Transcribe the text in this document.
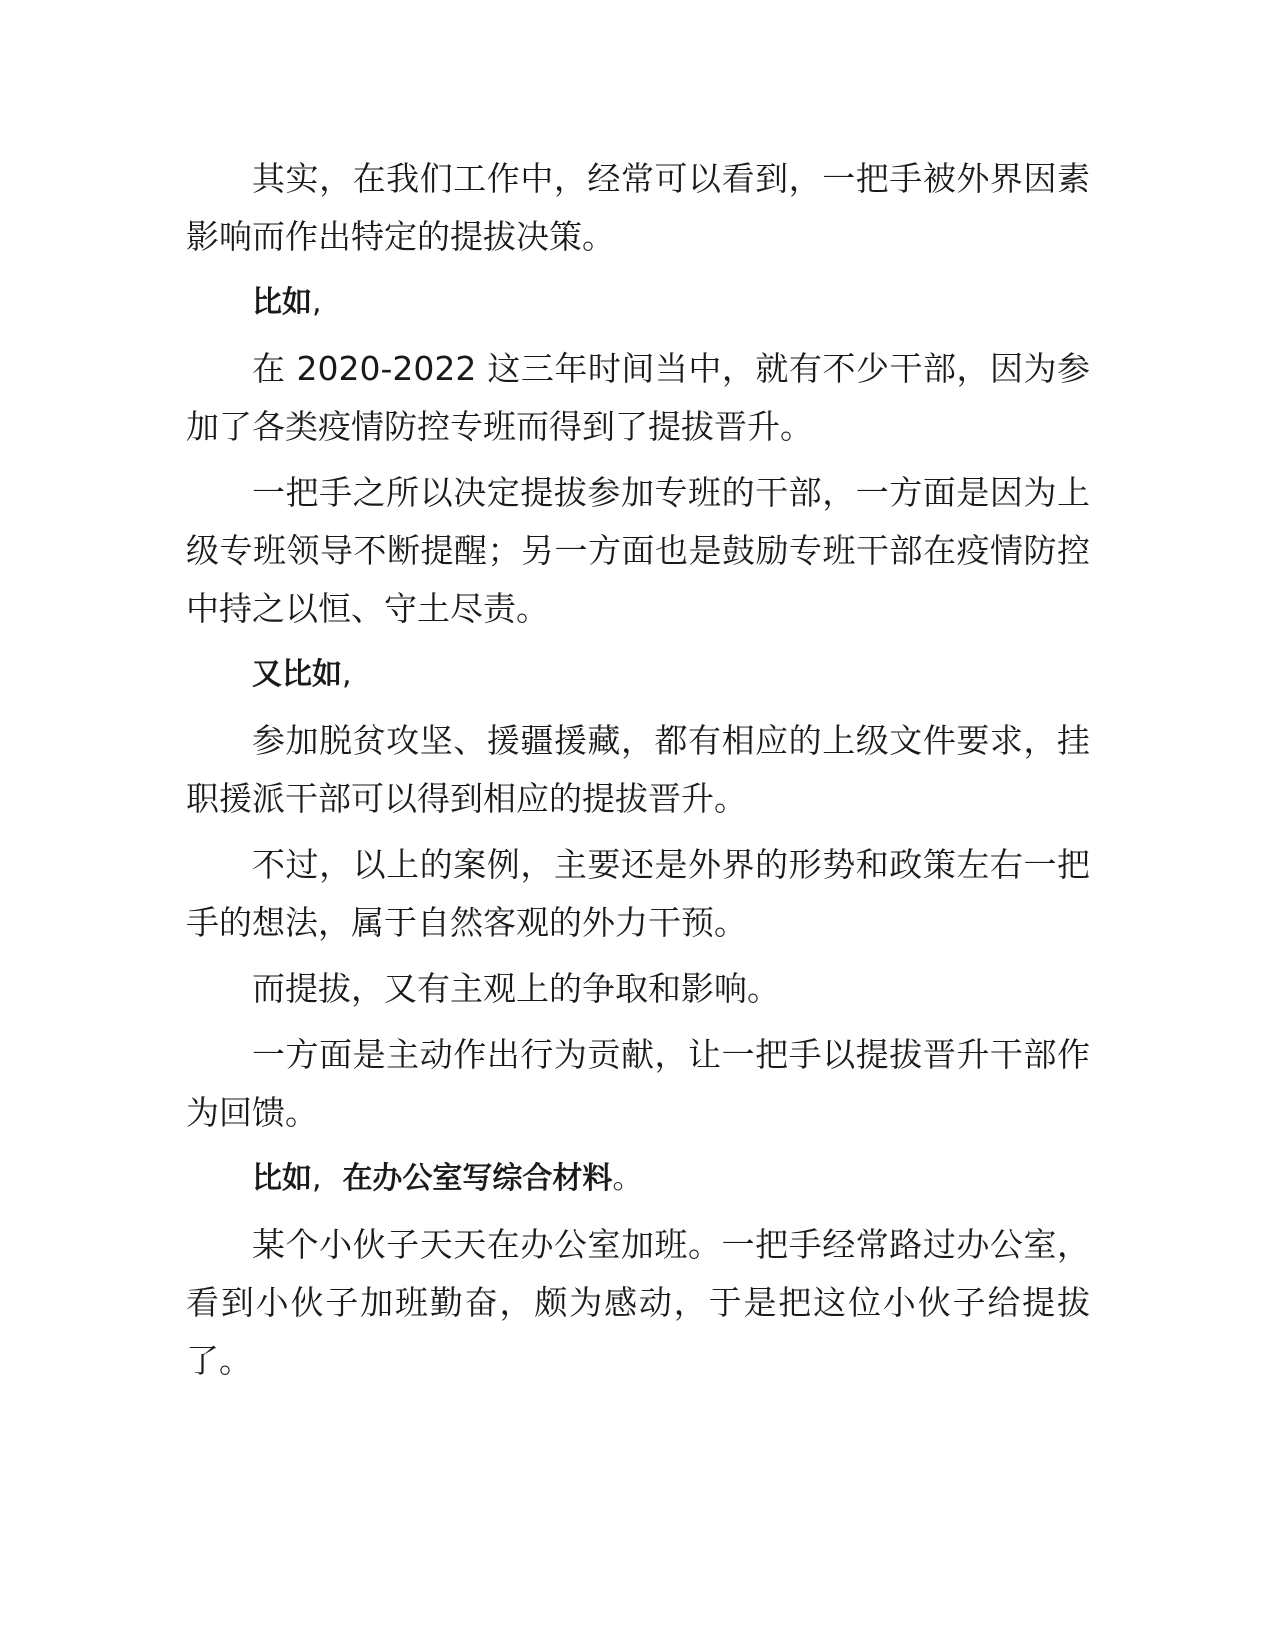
其实，在我们工作中，经常可以看到，一把手被外界因素影响而作出特定的提拔决策。

比如,

在 2020-2022 这三年时间当中，就有不少干部，因为参加了各类疫情防控专班而得到了提拔晋升。

一把手之所以决定提拔参加专班的干部，一方面是因为上级专班领导不断提醒；另一方面也是鼓励专班干部在疫情防控中持之以恒、守土尽责。

又比如,

参加脱贫攻坚、援疆援藏，都有相应的上级文件要求，挂职援派干部可以得到相应的提拔晋升。

不过，以上的案例，主要还是外界的形势和政策左右一把手的想法，属于自然客观的外力干预。

而提拔，又有主观上的争取和影响。

一方面是主动作出行为贡献，让一把手以提拔晋升干部作为回馈。

比如, 在办公室写综合材料。

某个小伙子天天在办公室加班。一把手经常路过办公室，看到小伙子加班勤奋，颇为感动，于是把这位小伙子给提拔了。
